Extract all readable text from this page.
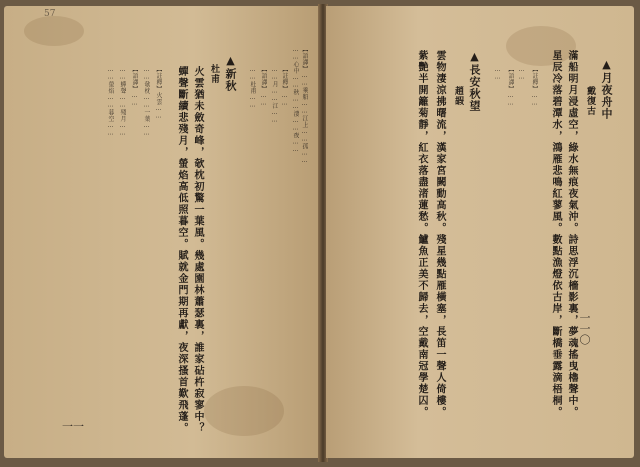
57
【語譯】……乘船……江上……孤……
……心中……秋……淒……夜……
【註釋】……
……月……江……
【語譯】……
……杜甫……
▲新秋
杜甫
火雲猶未斂奇峰，欹枕初驚一葉風。幾處園林蕭瑟裏，誰家砧杵寂寥中？
蟬聲斷續悲殘月，螢焰高低照暮空。賦就金門期再獻，夜深搔首歎飛蓬。
【註釋】火雲……
……欹枕……一葉……
【語譯】……
……蟬聲……殘月……
……螢焰……暮空……
一一
▲月夜舟中
戴復古
滿船明月浸虛空，綠水無痕夜氣沖。詩思浮沉檣影裏，夢魂搖曳櫓聲中。
星辰冷落碧潭水，鴻雁悲鳴紅蓼風。數點漁燈依古岸，斷橋垂露滴梧桐。
【註釋】……
……
【語譯】……
……
▲長安秋望
趙嘏
雲物淒涼拂曙流，漢家宮闕動高秋。殘星幾點雁橫塞，長笛一聲人倚樓。
紫艷半開籬菊靜，紅衣落盡渚蓮愁。鱸魚正美不歸去，空戴南冠學楚囚。	一一〇
